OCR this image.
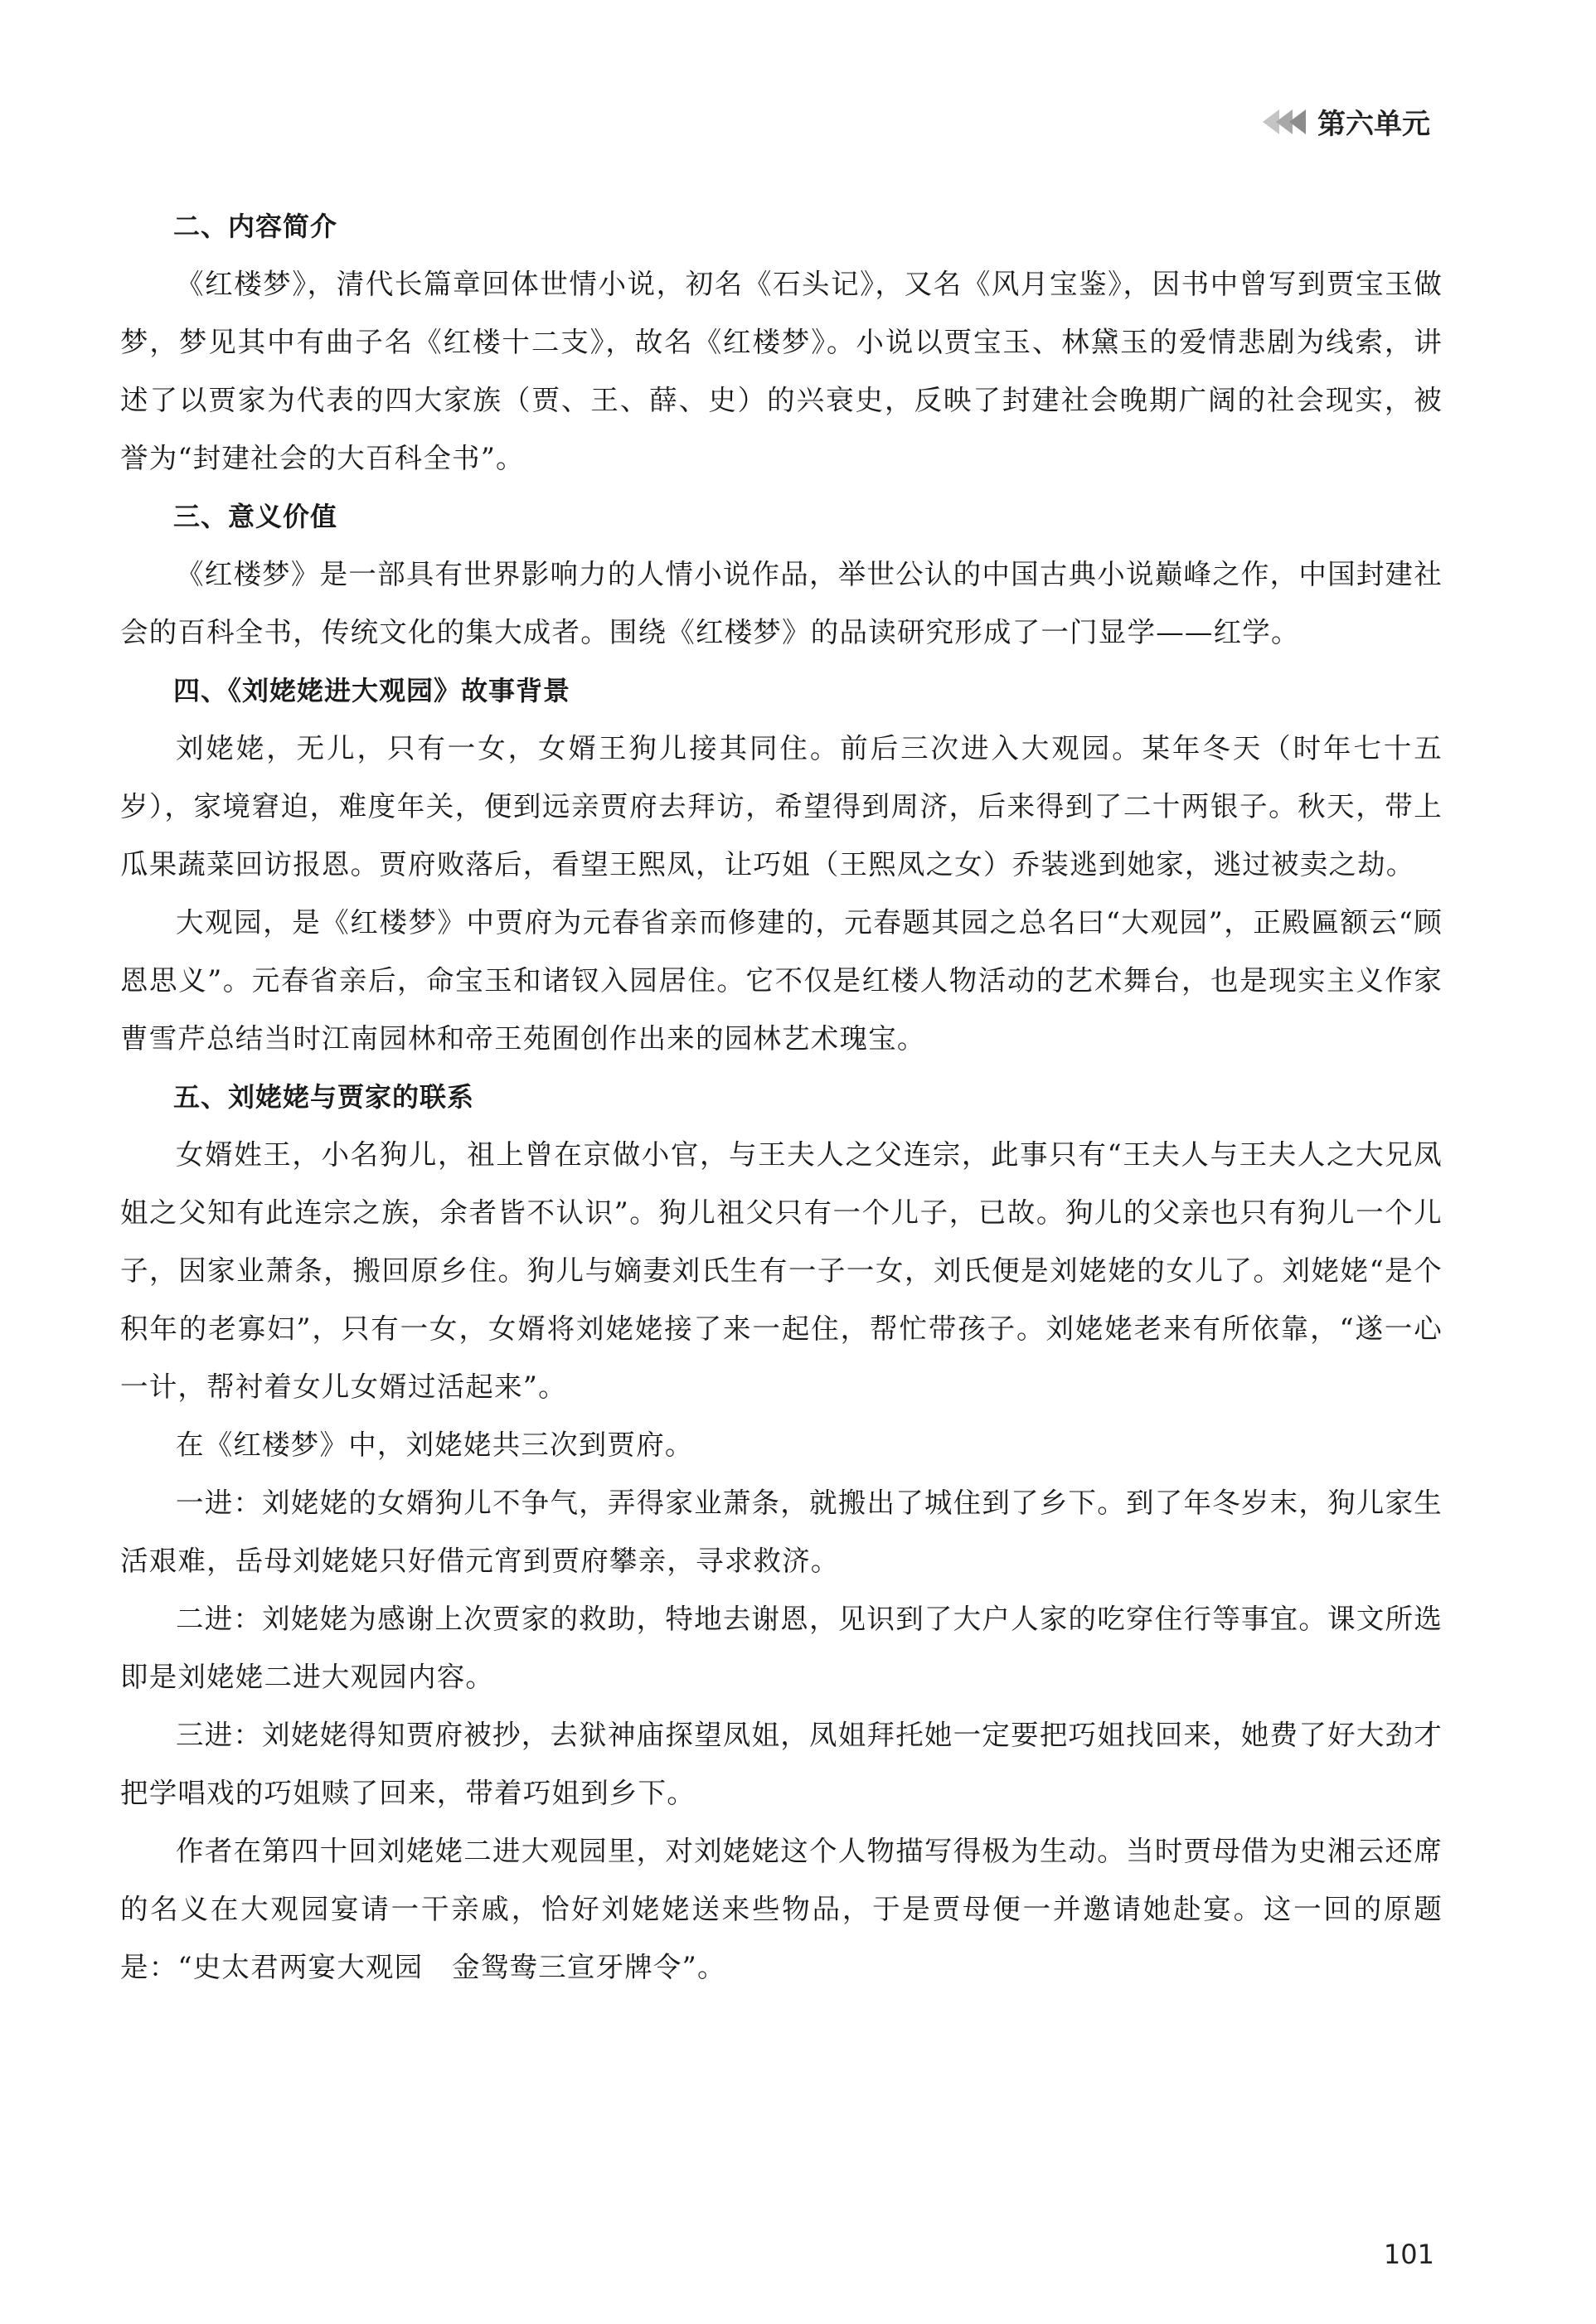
第六单元
二、内容简介

《红楼梦》，清代长篇章回体世情小说，初名《石头记》，又名《风月宝鉴》，因书中曾写到贾宝玉做梦，梦见其中有曲子名《红楼十二支》，故名《红楼梦》。小说以贾宝玉、林黛玉的爱情悲剧为线索，讲述了以贾家为代表的四大家族（贾、王、薛、史）的兴衰史，反映了封建社会晚期广阔的社会现实，被誉为“封建社会的大百科全书”。

三、意义价值

《红楼梦》是一部具有世界影响力的人情小说作品，举世公认的中国古典小说巅峰之作，中国封建社会的百科全书，传统文化的集大成者。围绕《红楼梦》的品读研究形成了一门显学——红学。

四、《刘姥姥进大观园》故事背景

刘姥姥，无儿，只有一女，女婿王狗儿接其同住。前后三次进入大观园。某年冬天（时年七十五岁），家境窘迫，难度年关，便到远亲贾府去拜访，希望得到周济，后来得到了二十两银子。秋天，带上瓜果蔬菜回访报恩。贾府败落后，看望王熙凤，让巧姐（王熙凤之女）乔装逃到她家，逃过被卖之劫。

大观园，是《红楼梦》中贾府为元春省亲而修建的，元春题其园之总名曰“大观园”，正殿匾额云“顾恩思义”。元春省亲后，命宝玉和诸钗入园居住。它不仅是红楼人物活动的艺术舞台，也是现实主义作家曹雪芹总结当时江南园林和帝王苑囿创作出来的园林艺术瑰宝。

五、刘姥姥与贾家的联系

女婿姓王，小名狗儿，祖上曾在京做小官，与王夫人之父连宗，此事只有“王夫人与王夫人之大兄凤姐之父知有此连宗之族，余者皆不认识”。狗儿祖父只有一个儿子，已故。狗儿的父亲也只有狗儿一个儿子，因家业萧条，搬回原乡住。狗儿与嫡妻刘氏生有一子一女，刘氏便是刘姥姥的女儿了。刘姥姥“是个积年的老寡妇”，只有一女，女婿将刘姥姥接了来一起住，帮忙带孩子。刘姥姥老来有所依靠，“遂一心一计，帮衬着女儿女婿过活起来”。

在《红楼梦》中，刘姥姥共三次到贾府。

一进：刘姥姥的女婿狗儿不争气，弄得家业萧条，就搬出了城住到了乡下。到了年冬岁末，狗儿家生活艰难，岳母刘姥姥只好借元宵到贾府攀亲，寻求救济。

二进：刘姥姥为感谢上次贾家的救助，特地去谢恩，见识到了大户人家的吃穿住行等事宜。课文所选即是刘姥姥二进大观园内容。

三进：刘姥姥得知贾府被抄，去狱神庙探望凤姐，凤姐拜托她一定要把巧姐找回来，她费了好大劲才把学唱戏的巧姐赎了回来，带着巧姐到乡下。

作者在第四十回刘姥姥二进大观园里，对刘姥姥这个人物描写得极为生动。当时贾母借为史湘云还席的名义在大观园宴请一干亲戚，恰好刘姥姥送来些物品，于是贾母便一并邀请她赴宴。这一回的原题是：“史太君两宴大观园　金鸳鸯三宣牙牌令”。

101
